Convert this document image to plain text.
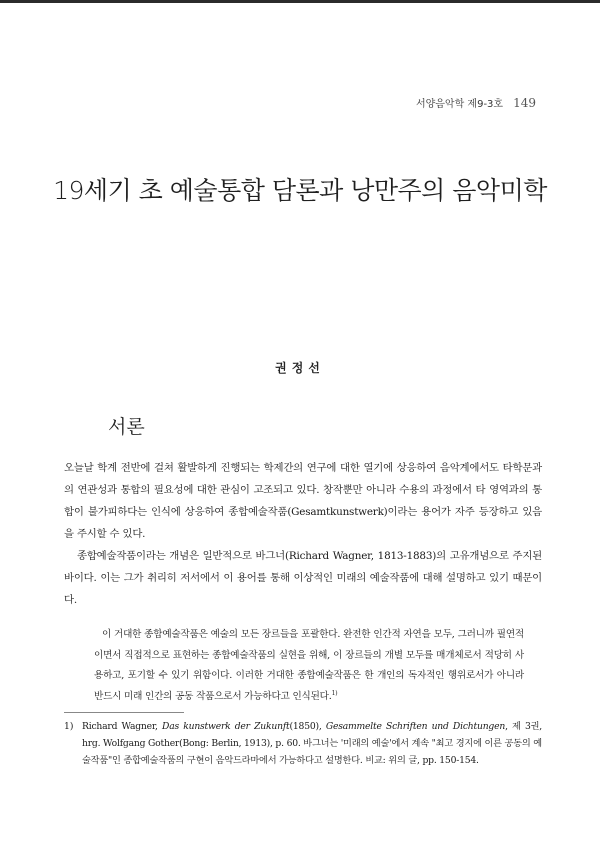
서양음악학 제9-3호 149
19세기 초 예술통합 담론과 낭만주의 음악미학
권정선
서론

오늘날 학계 전반에 걸쳐 활발하게 진행되는 학제간의 연구에 대한 열기에 상응하여 음악계에서도 타학문과의 연관성과 통합의 필요성에 대한 관심이 고조되고 있다. 창작뿐만 아니라 수용의 과정에서 타 영역과의 통합이 불가피하다는 인식에 상응하여 종합예술작품(Gesamtkunstwerk)이라는 용어가 자주 등장하고 있음을 주시할 수 있다.

종합예술작품이라는 개념은 일반적으로 바그너(Richard Wagner, 1813-1883)의 고유개념으로 주지된 바이다. 이는 그가 취리히 저서에서 이 용어를 통해 이상적인 미래의 예술작품에 대해 설명하고 있기 때문이다.

이 거대한 종합예술작품은 예술의 모든 장르들을 포괄한다. 완전한 인간적 자연을 모두, 그러니까 필연적이면서 직접적으로 표현하는 종합예술작품의 실현을 위해, 이 장르들의 개별 모두를 매개체로서 적당히 사용하고, 포기할 수 있기 위함이다. 이러한 거대한 종합예술작품은 한 개인의 독자적인 행위로서가 아니라 반드시 미래 인간의 공동 작품으로서 가능하다고 인식된다.$^{1)}$

1) Richard Wagner, Das kunstwerk der Zukunft(1850), Gesammelte Schriften und Dichtungen, 제 3권, hrg. Wolfgang Gother(Bong: Berlin, 1913), p. 60. 바그너는 '미래의 예술'에서 계속 "최고 경지에 이른 공동의 예술작품"인 종합예술작품의 구현이 음악드라마에서 가능하다고 설명한다. 비교: 위의 글, pp. 150-154.
